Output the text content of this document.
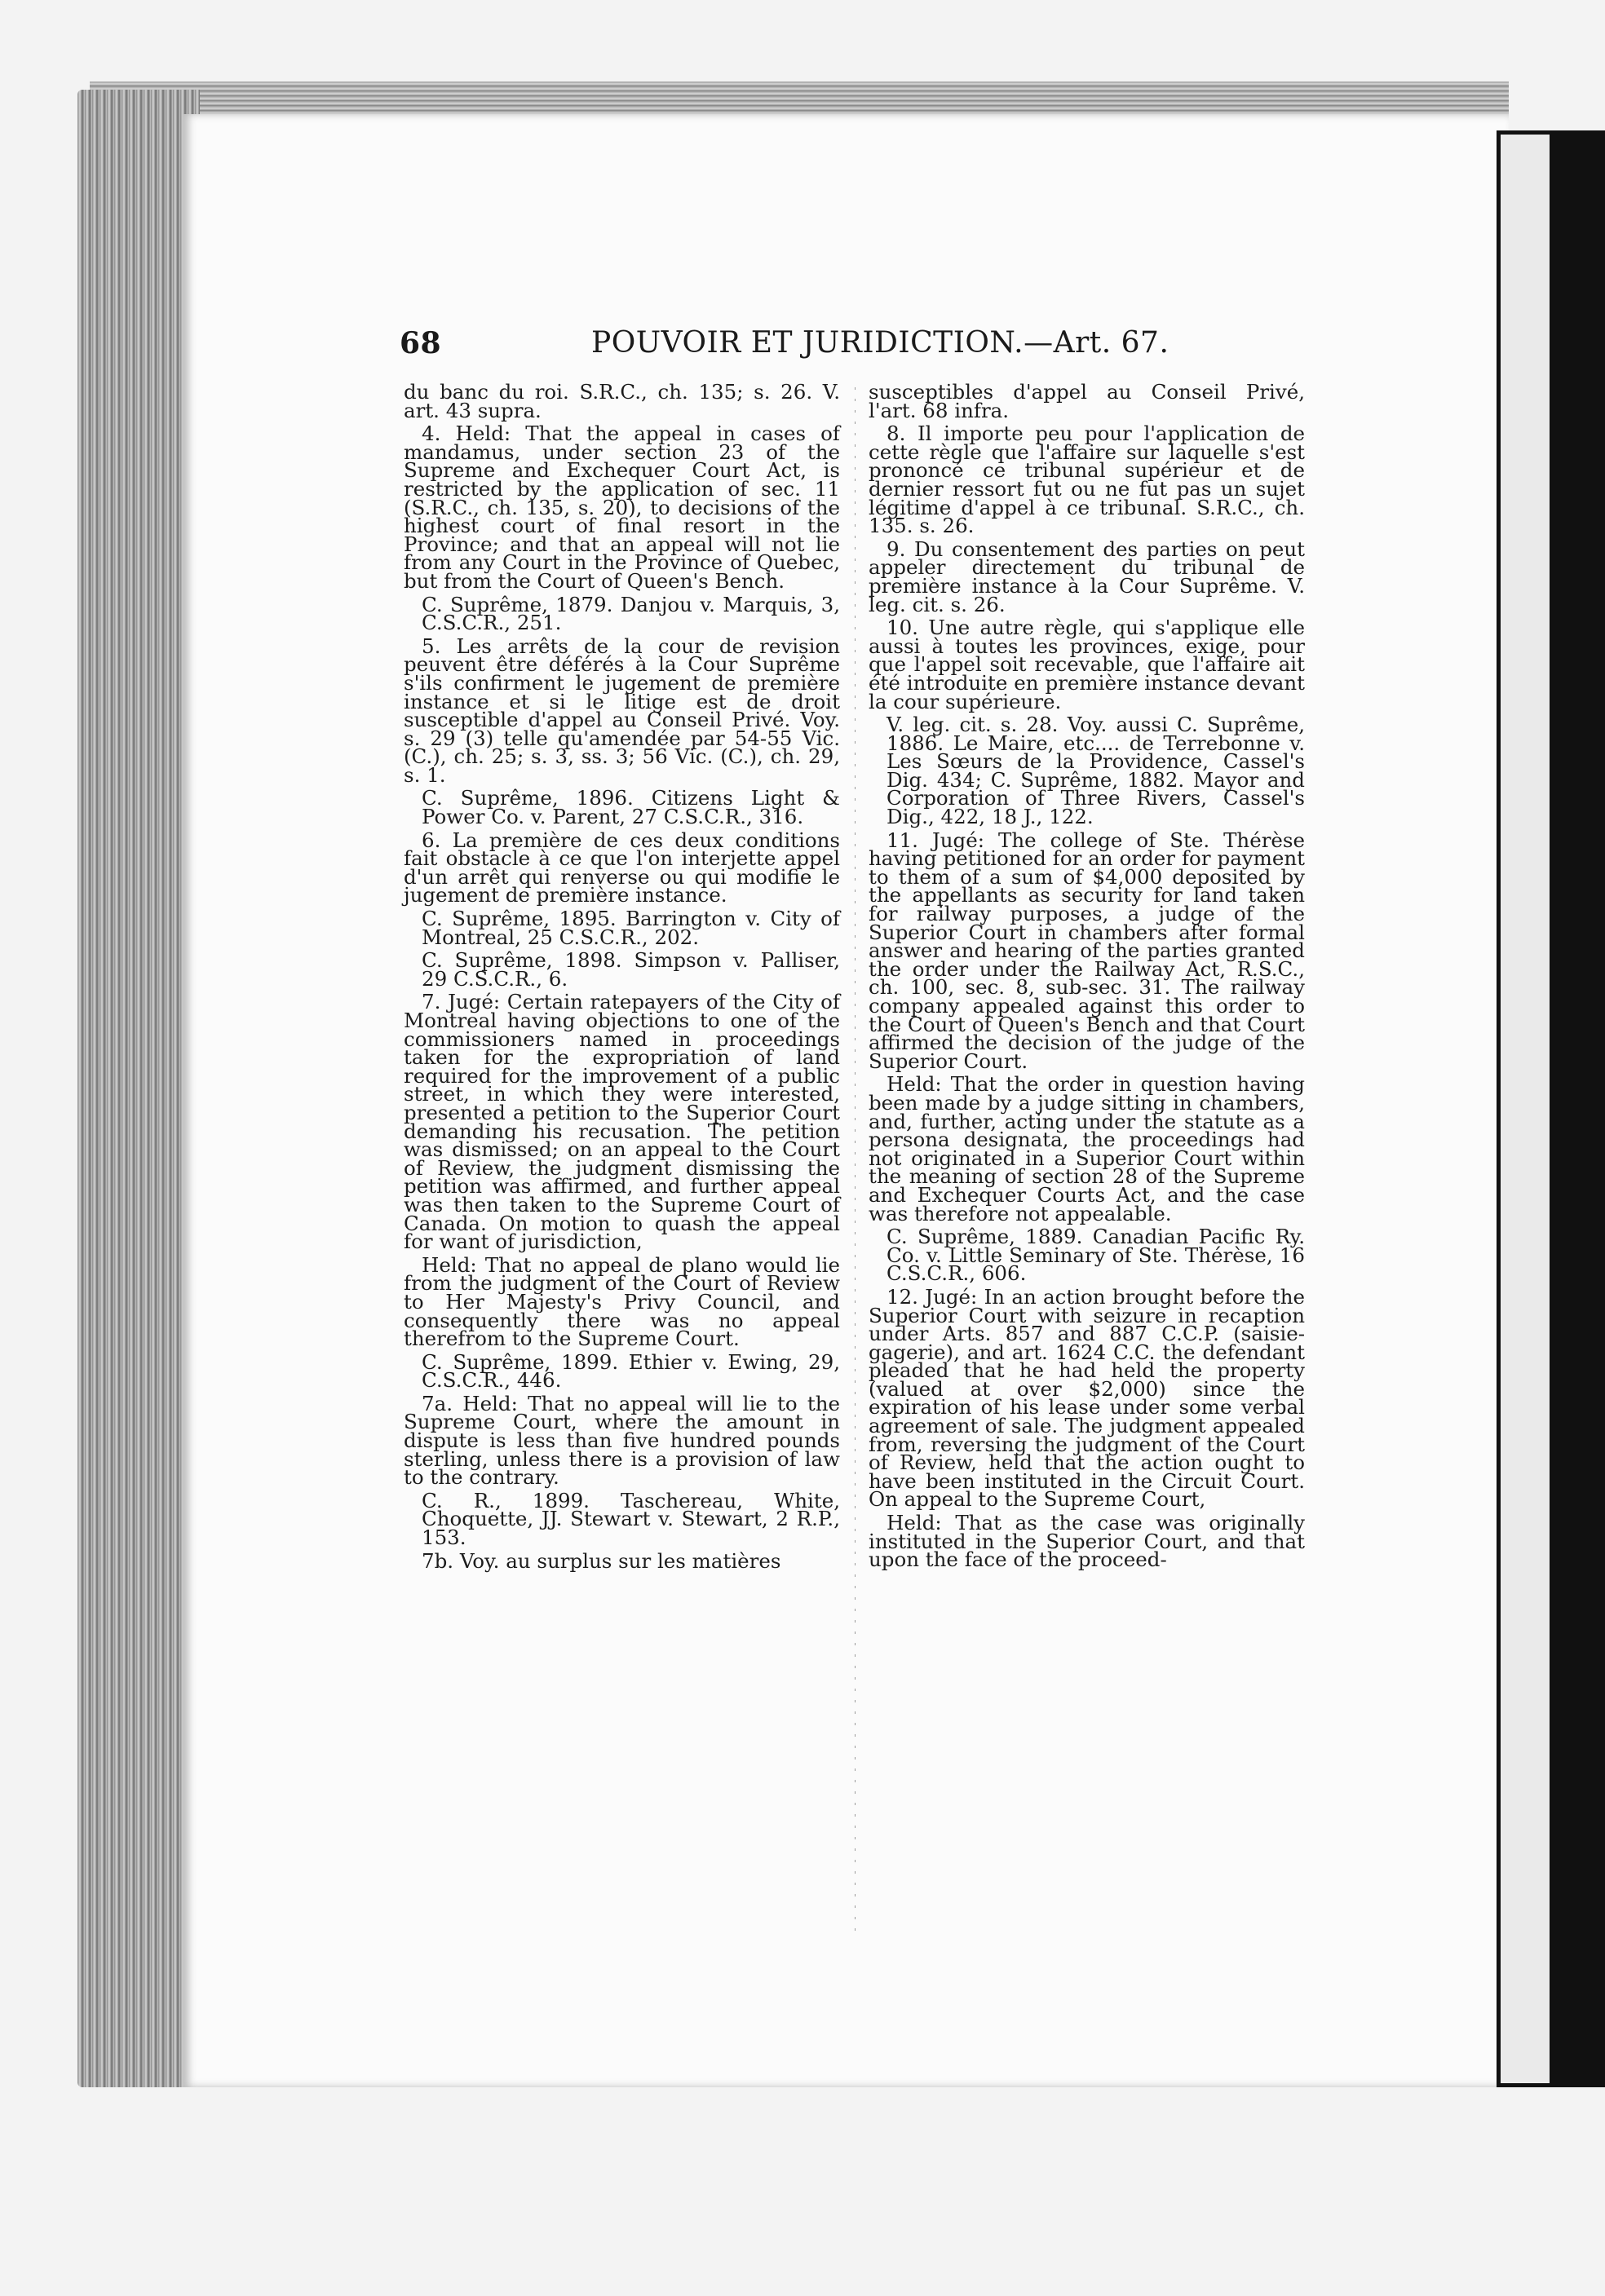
68	POUVOIR ET JURIDICTION.—Art. 67.

du banc du roi. S.R.C., ch. 135; s. 26. V. art. 43 supra.

4. Held: That the appeal in cases of mandamus, under section 23 of the Supreme and Exchequer Court Act, is restricted by the application of sec. 11 (S.R.C., ch. 135, s. 20), to decisions of the highest court of final resort in the Province; and that an appeal will not lie from any Court in the Province of Quebec, but from the Court of Queen's Bench.

C. Suprême, 1879. Danjou v. Marquis, 3, C.S.C.R., 251.

5. Les arrêts de la cour de revision peuvent être déférés à la Cour Suprême s'ils confirment le jugement de première instance et si le litige est de droit susceptible d'appel au Conseil Privé. Voy. s. 29 (3) telle qu'amendée par 54-55 Vic. (C.), ch. 25; s. 3, ss. 3; 56 Vic. (C.), ch. 29, s. 1.

C. Suprême, 1896. Citizens Light & Power Co. v. Parent, 27 C.S.C.R., 316.

6. La première de ces deux conditions fait obstacle à ce que l'on interjette appel d'un arrêt qui renverse ou qui modifie le jugement de première instance.

C. Suprême, 1895. Barrington v. City of Montreal, 25 C.S.C.R., 202.

C. Suprême, 1898. Simpson v. Palliser, 29 C.S.C.R., 6.

7. Jugé: Certain ratepayers of the City of Montreal having objections to one of the commissioners named in proceedings taken for the expropriation of land required for the improvement of a public street, in which they were interested, presented a petition to the Superior Court demanding his recusation. The petition was dismissed; on an appeal to the Court of Review, the judgment dismissing the petition was affirmed, and further appeal was then taken to the Supreme Court of Canada. On motion to quash the appeal for want of jurisdiction,

Held: That no appeal de plano would lie from the judgment of the Court of Review to Her Majesty's Privy Council, and consequently there was no appeal therefrom to the Supreme Court.

C. Suprême, 1899. Ethier v. Ewing, 29, C.S.C.R., 446.

7a. Held: That no appeal will lie to the Supreme Court, where the amount in dispute is less than five hundred pounds sterling, unless there is a provision of law to the contrary.

C. R., 1899. Taschereau, White, Choquette, JJ. Stewart v. Stewart, 2 R.P., 153.

7b. Voy. au surplus sur les matières

susceptibles d'appel au Conseil Privé, l'art. 68 infra.

8. Il importe peu pour l'application de cette règle que l'affaire sur laquelle s'est prononcé ce tribunal supérieur et de dernier ressort fut ou ne fut pas un sujet légitime d'appel à ce tribunal. S.R.C., ch. 135. s. 26.

9. Du consentement des parties on peut appeler directement du tribunal de première instance à la Cour Suprême. V. leg. cit. s. 26.

10. Une autre règle, qui s'applique elle aussi à toutes les provinces, exige, pour que l'appel soit recevable, que l'affaire ait été introduite en première instance devant la cour supérieure.

V. leg. cit. s. 28. Voy. aussi C. Suprême, 1886. Le Maire, etc.... de Terrebonne v. Les Sœurs de la Providence, Cassel's Dig. 434; C. Suprême, 1882. Mayor and Corporation of Three Rivers, Cassel's Dig., 422, 18 J., 122.

11. Jugé: The college of Ste. Thérèse having petitioned for an order for payment to them of a sum of $4,000 deposited by the appellants as security for land taken for railway purposes, a judge of the Superior Court in chambers after formal answer and hearing of the parties granted the order under the Railway Act, R.S.C., ch. 100, sec. 8, sub-sec. 31. The railway company appealed against this order to the Court of Queen's Bench and that Court affirmed the decision of the judge of the Superior Court.

Held: That the order in question having been made by a judge sitting in chambers, and, further, acting under the statute as a persona designata, the proceedings had not originated in a Superior Court within the meaning of section 28 of the Supreme and Exchequer Courts Act, and the case was therefore not appealable.

C. Suprême, 1889. Canadian Pacific Ry. Co. v. Little Seminary of Ste. Thérèse, 16 C.S.C.R., 606.

12. Jugé: In an action brought before the Superior Court with seizure in recaption under Arts. 857 and 887 C.C.P. (saisie-gagerie), and art. 1624 C.C. the defendant pleaded that he had held the property (valued at over $2,000) since the expiration of his lease under some verbal agreement of sale. The judgment appealed from, reversing the judgment of the Court of Review, held that the action ought to have been instituted in the Circuit Court. On appeal to the Supreme Court,

Held: That as the case was originally instituted in the Superior Court, and that upon the face of the proceed-
